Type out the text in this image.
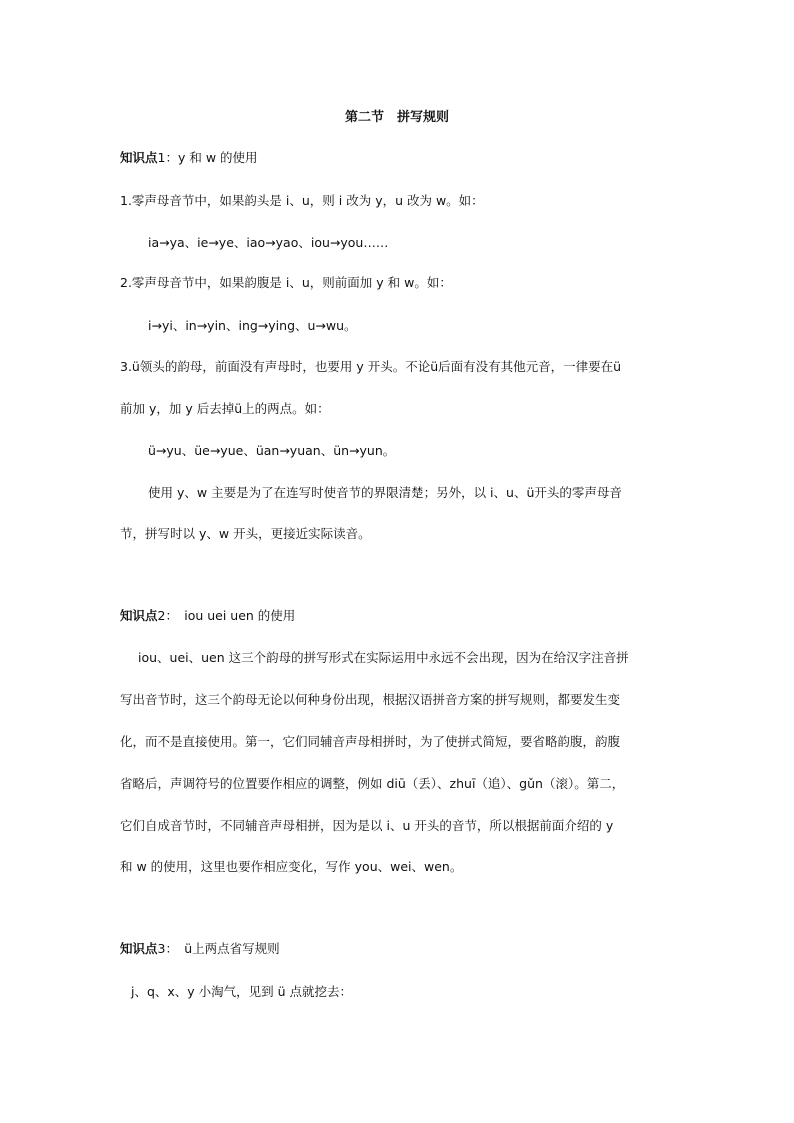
第二节　拼写规则
知识点1：y 和 w 的使用
1.零声母音节中，如果韵头是 i、u，则 i 改为 y，u 改为 w。如：
ia→ya、ie→ye、iao→yao、iou→you……
2.零声母音节中，如果韵腹是 i、u，则前面加 y 和 w。如：
i→yi、in→yin、ing→ying、u→wu。
3.ü领头的韵母，前面没有声母时，也要用 y 开头。不论ü后面有没有其他元音，一律要在ü
前加 y，加 y 后去掉ü上的两点。如：
ü→yu、üe→yue、üan→yuan、ün→yun。
使用 y、w 主要是为了在连写时使音节的界限清楚；另外，以 i、u、ü开头的零声母音
节，拼写时以 y、w 开头，更接近实际读音。
知识点2：　iou uei uen 的使用
iou、uei、uen 这三个韵母的拼写形式在实际运用中永远不会出现，因为在给汉字注音拼
写出音节时，这三个韵母无论以何种身份出现，根据汉语拼音方案的拼写规则，都要发生变
化，而不是直接使用。第一，它们同辅音声母相拼时，为了使拼式简短，要省略韵腹，韵腹
省略后，声调符号的位置要作相应的调整，例如 diū（丢）、zhuī（追）、gǔn（滚）。第二，
它们自成音节时，不同辅音声母相拼，因为是以 i、u 开头的音节，所以根据前面介绍的 y
和 w 的使用，这里也要作相应变化，写作 you、wei、wen。
知识点3：　ü上两点省写规则
j、q、x、y 小淘气，见到 ü 点就挖去：
